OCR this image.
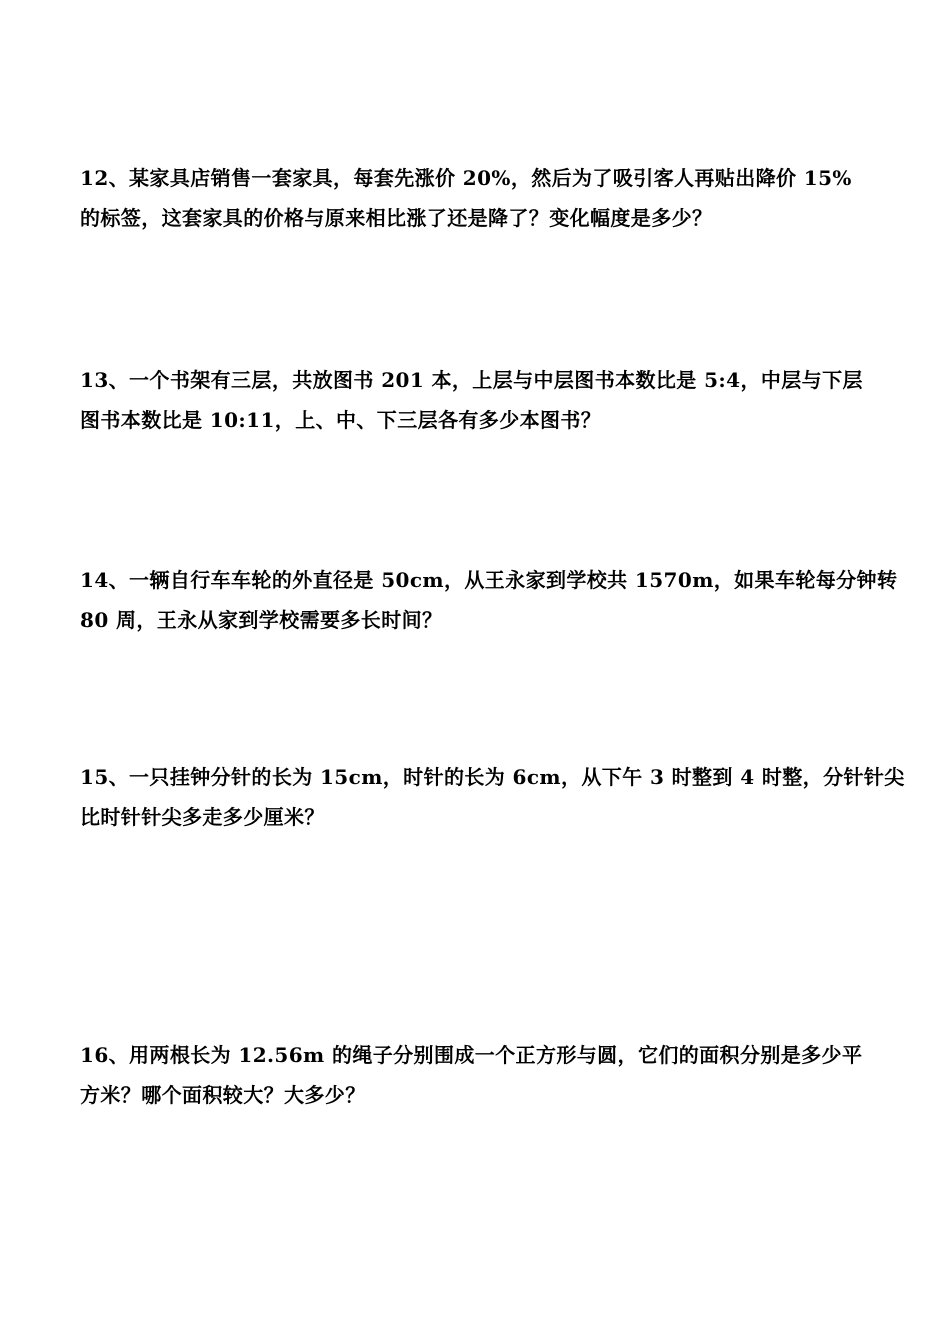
12、某家具店销售一套家具，每套先涨价 20%，然后为了吸引客人再贴出降价 15%
的标签，这套家具的价格与原来相比涨了还是降了？变化幅度是多少？

13、一个书架有三层，共放图书 201 本，上层与中层图书本数比是 5:4，中层与下层
图书本数比是 10:11，上、中、下三层各有多少本图书？

14、一辆自行车车轮的外直径是 50cm，从王永家到学校共 1570m，如果车轮每分钟转
80 周，王永从家到学校需要多长时间？

15、一只挂钟分针的长为 15cm，时针的长为 6cm，从下午 3 时整到 4 时整，分针针尖
比时针针尖多走多少厘米？

16、用两根长为 12.56m 的绳子分别围成一个正方形与圆，它们的面积分别是多少平
方米？哪个面积较大？大多少？
